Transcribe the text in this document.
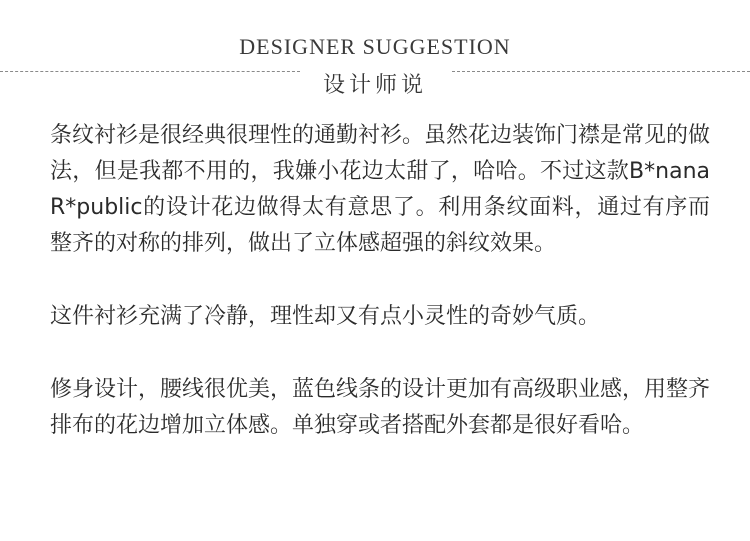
DESIGNER SUGGESTION
设计师说

条纹衬衫是很经典很理性的通勤衬衫。虽然花边装饰门襟是常见的做法，但是我都不用的，我嫌小花边太甜了，哈哈。不过这款B*nana R*public的设计花边做得太有意思了。利用条纹面料，通过有序而整齐的对称的排列，做出了立体感超强的斜纹效果。

这件衬衫充满了冷静，理性却又有点小灵性的奇妙气质。

修身设计，腰线很优美，蓝色线条的设计更加有高级职业感，用整齐排布的花边增加立体感。单独穿或者搭配外套都是很好看哈。
